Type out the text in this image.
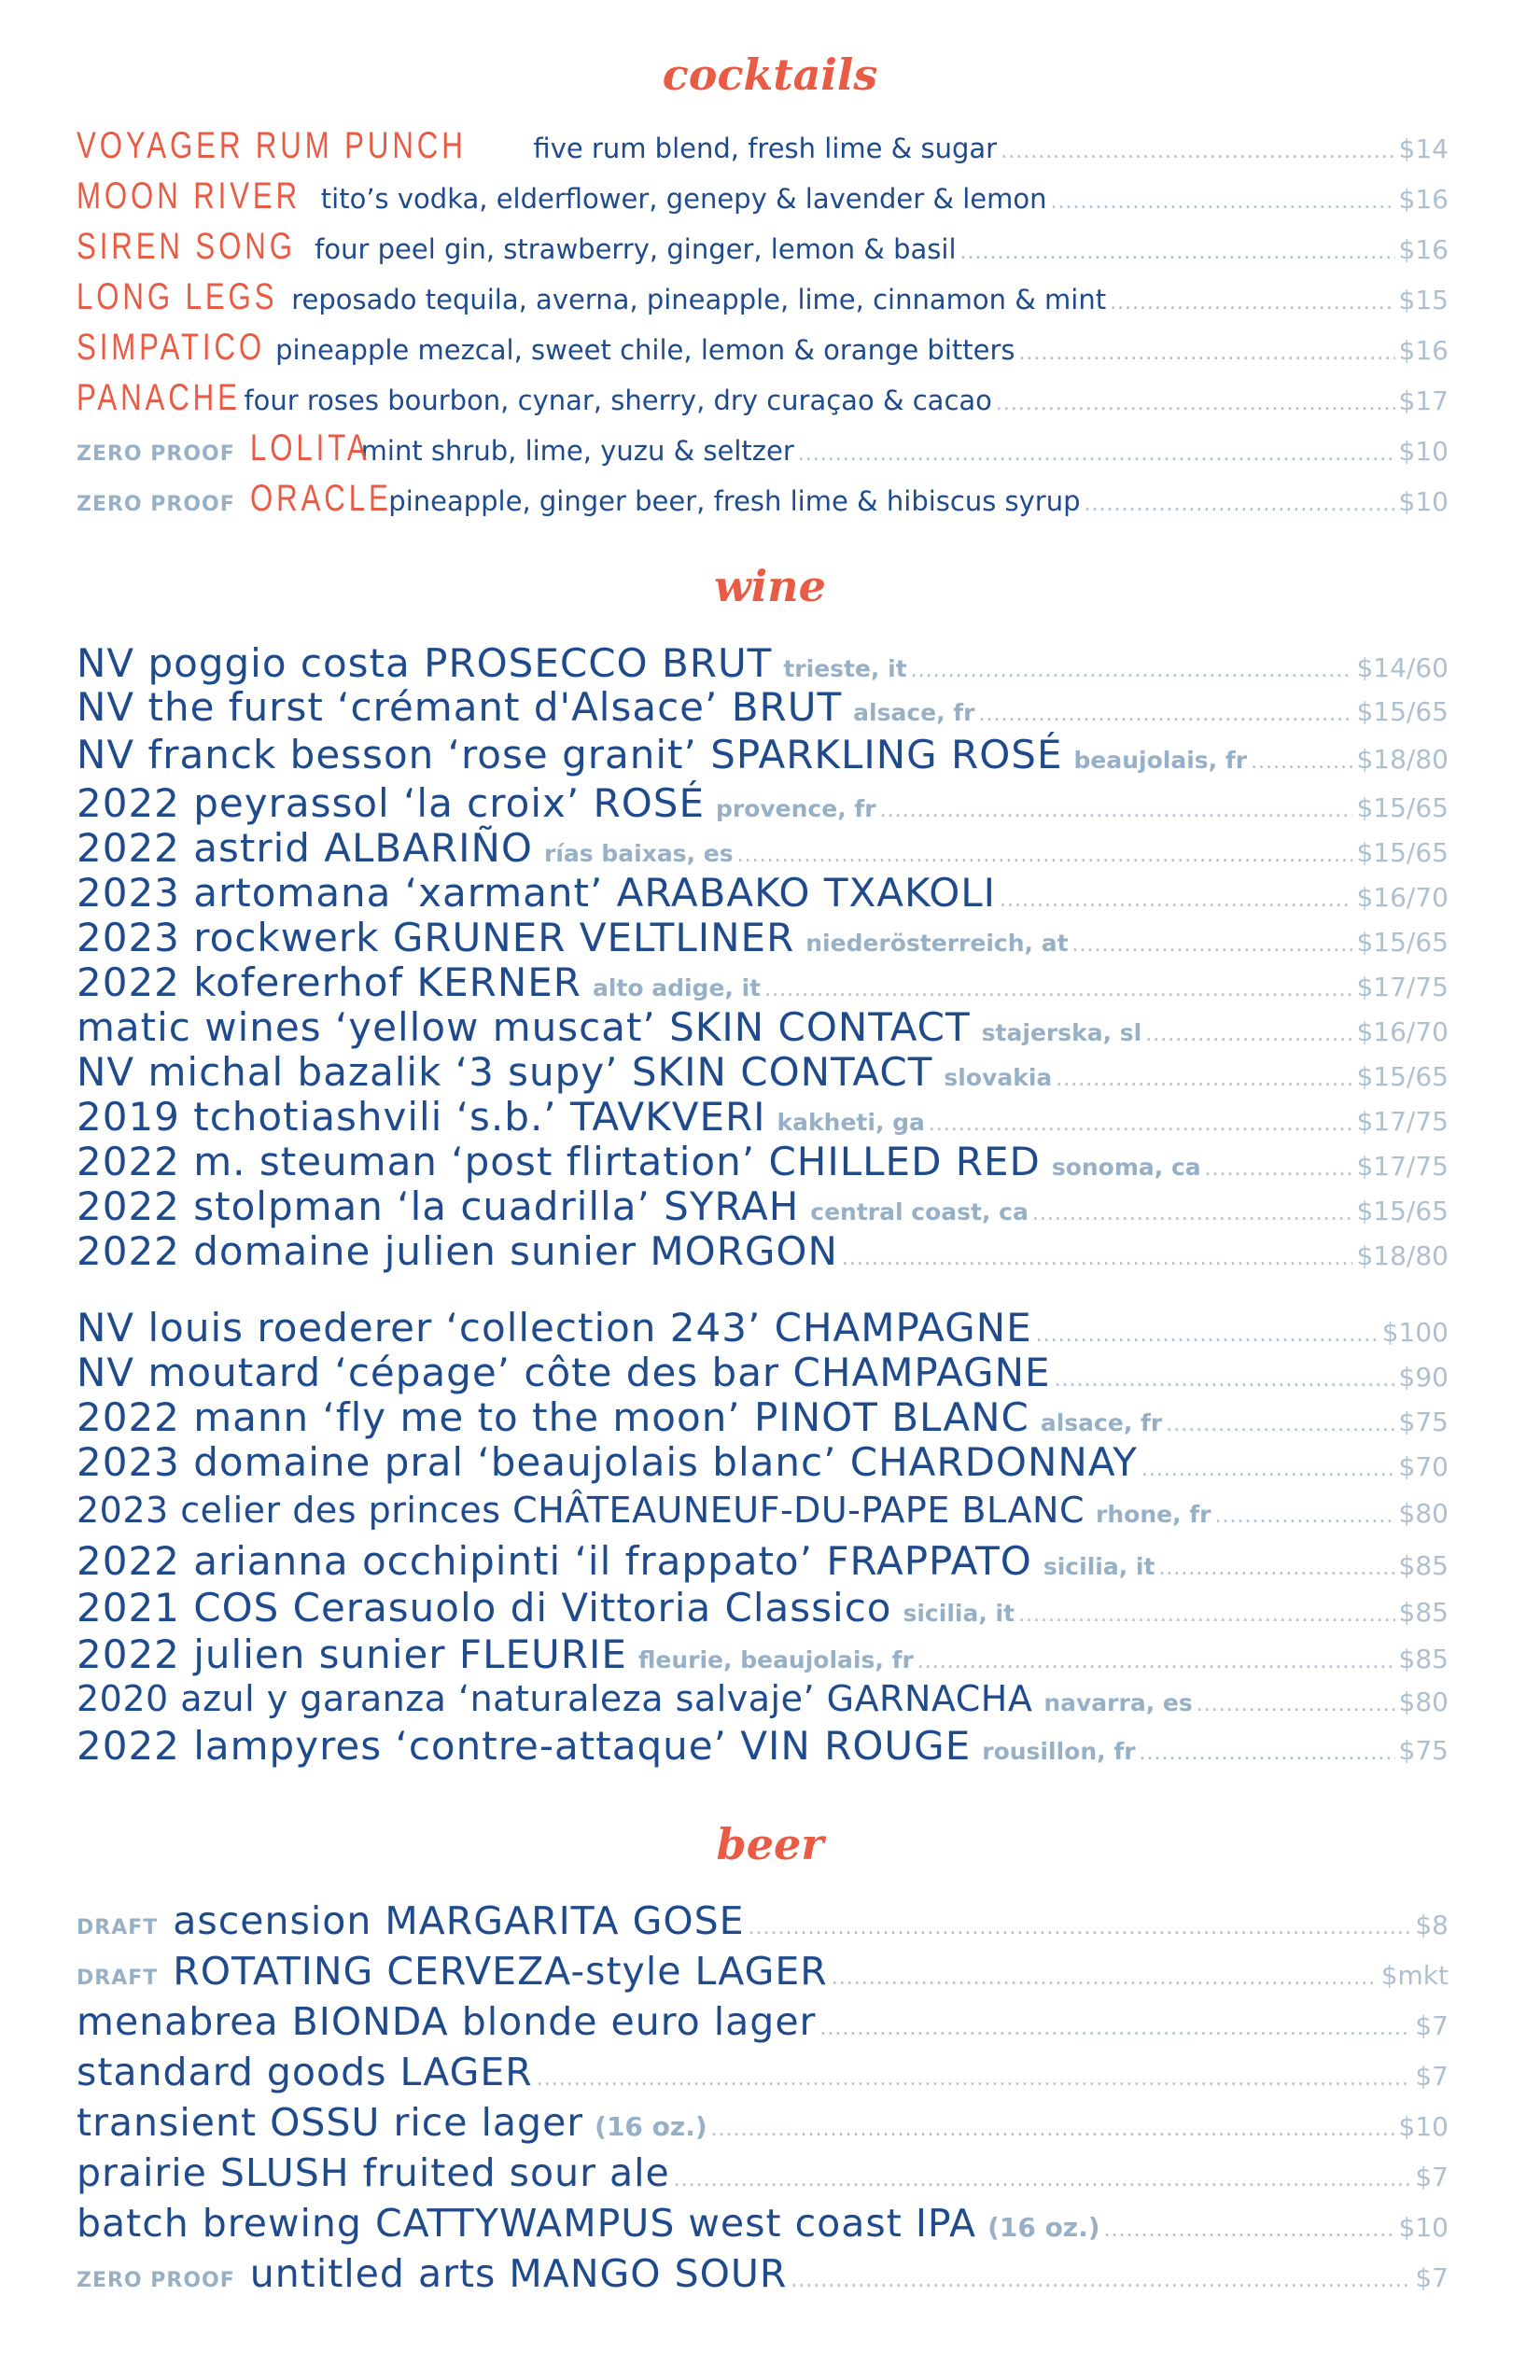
cocktails
VOYAGER RUM PUNCH five rum blend, fresh lime & sugar .....	$14
MOON RIVER tito’s vodka, elderflower, genepy & lavender & lemon .....	$16
SIREN SONG four peel gin, strawberry, ginger, lemon & basil .....	$16
LONG LEGS reposado tequila, averna, pineapple, lime, cinnamon & mint .....	$15
SIMPATICO pineapple mezcal, sweet chile, lemon & orange bitters .....	$16
PANACHE four roses bourbon, cynar, sherry, dry curaçao & cacao .....	$17
ZERO PROOF LOLITAmint shrub, lime, yuzu & seltzer .....	$10
ZERO PROOF ORACLEpineapple, ginger beer, fresh lime & hibiscus syrup .....	$10
wine
NV poggio costa PROSECCO BRUT trieste, it .....	$14/60
NV the furst ‘crémant d'Alsace’ BRUT alsace, fr .....	$15/65
NV franck besson ‘rose granit’ SPARKLING ROSÉ beaujolais, fr .....	$18/80
2022 peyrassol ‘la croix’ ROSÉ provence, fr .....	$15/65
2022 astrid ALBARIÑO rías baixas, es .....	$15/65
2023 artomana ‘xarmant’ ARABAKO TXAKOLI .....	$16/70
2023 rockwerk GRUNER VELTLINER niederösterreich, at .....	$15/65
2022 kofererhof KERNER alto adige, it .....	$17/75
matic wines ‘yellow muscat’ SKIN CONTACT stajerska, sl .....	$16/70
NV michal bazalik ‘3 supy’ SKIN CONTACT slovakia .....	$15/65
2019 tchotiashvili ‘s.b.’ TAVKVERI kakheti, ga .....	$17/75
2022 m. steuman ‘post flirtation’ CHILLED RED sonoma, ca .....	$17/75
2022 stolpman ‘la cuadrilla’ SYRAH central coast, ca .....	$15/65
2022 domaine julien sunier MORGON .....	$18/80
NV louis roederer ‘collection 243’ CHAMPAGNE .....	$100
NV moutard ‘cépage’ côte des bar CHAMPAGNE .....	$90
2022 mann ‘fly me to the moon’ PINOT BLANC alsace, fr .....	$75
2023 domaine pral ‘beaujolais blanc’ CHARDONNAY .....	$70
2023 celier des princes CHÂTEAUNEUF-DU-PAPE BLANC rhone, fr .....	$80
2022 arianna occhipinti ‘il frappato’ FRAPPATO sicilia, it .....	$85
2021 COS Cerasuolo di Vittoria Classico sicilia, it .....	$85
2022 julien sunier FLEURIE fleurie, beaujolais, fr .....	$85
2020 azul y garanza ‘naturaleza salvaje’ GARNACHA navarra, es .....	$80
2022 lampyres ‘contre-attaque’ VIN ROUGE rousillon, fr .....	$75
beer
DRAFT ascension MARGARITA GOSE .....	$8
DRAFT ROTATING CERVEZA-style LAGER .....	$mkt
menabrea BIONDA blonde euro lager .....	$7
standard goods LAGER .....	$7
transient OSSU rice lager (16 oz.) .....	$10
prairie SLUSH fruited sour ale .....	$7
batch brewing CATTYWAMPUS west coast IPA (16 oz.) .....	$10
ZERO PROOF untitled arts MANGO SOUR .....	$7
